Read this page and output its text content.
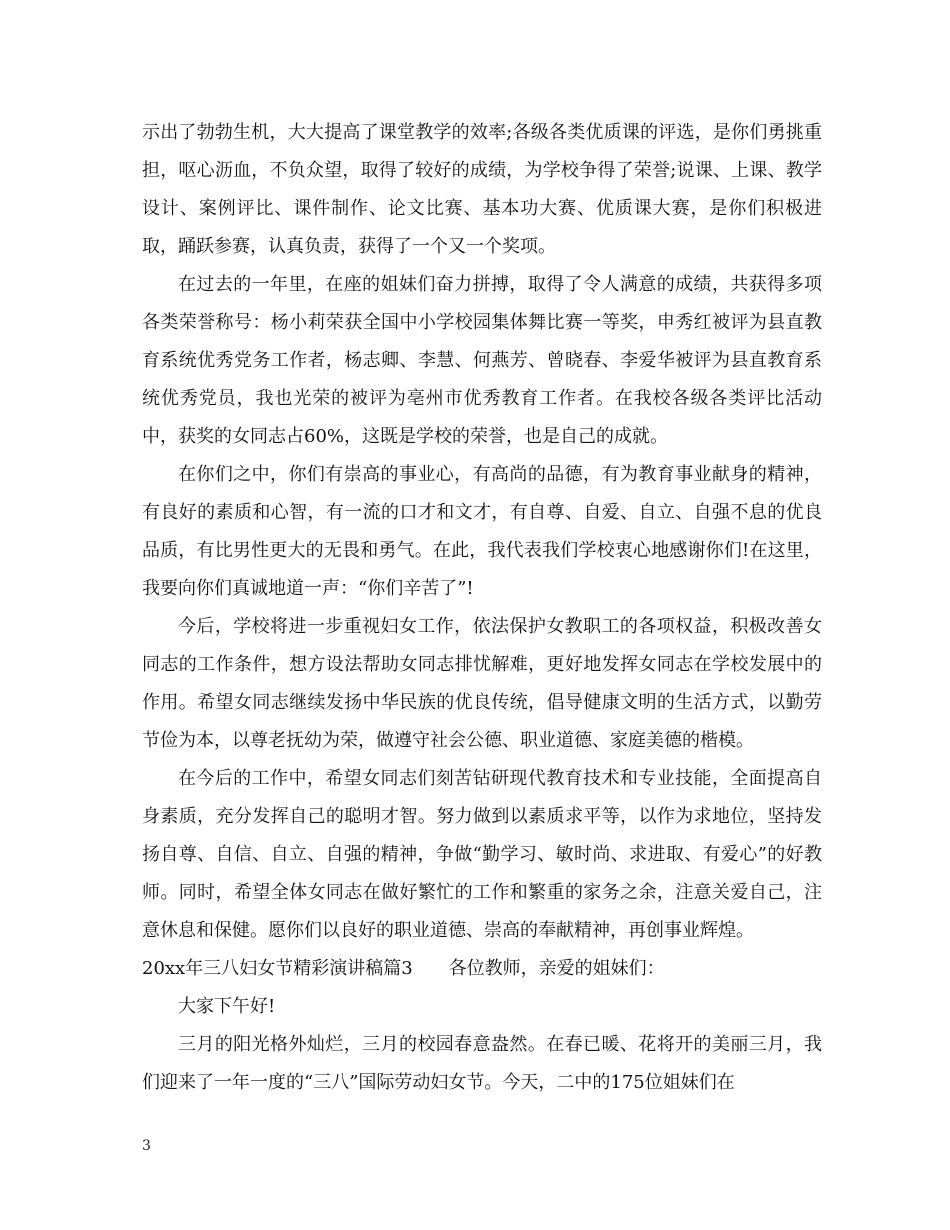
示出了勃勃生机，大大提高了课堂教学的效率;各级各类优质课的评选，是你们勇挑重担，呕心沥血，不负众望，取得了较好的成绩，为学校争得了荣誉;说课、上课、教学设计、案例评比、课件制作、论文比赛、基本功大赛、优质课大赛，是你们积极进取，踊跃参赛，认真负责，获得了一个又一个奖项。

在过去的一年里，在座的姐妹们奋力拼搏，取得了令人满意的成绩，共获得多项各类荣誉称号：杨小莉荣获全国中小学校园集体舞比赛一等奖，申秀红被评为县直教育系统优秀党务工作者，杨志卿、李慧、何燕芳、曾晓春、李爱华被评为县直教育系统优秀党员，我也光荣的被评为亳州市优秀教育工作者。在我校各级各类评比活动中，获奖的女同志占60%，这既是学校的荣誉，也是自己的成就。

在你们之中，你们有崇高的事业心，有高尚的品德，有为教育事业献身的精神，有良好的素质和心智，有一流的口才和文才，有自尊、自爱、自立、自强不息的优良品质，有比男性更大的无畏和勇气。在此，我代表我们学校衷心地感谢你们!在这里，我要向你们真诚地道一声：“你们辛苦了”!

今后，学校将进一步重视妇女工作，依法保护女教职工的各项权益，积极改善女同志的工作条件，想方设法帮助女同志排忧解难，更好地发挥女同志在学校发展中的作用。希望女同志继续发扬中华民族的优良传统，倡导健康文明的生活方式，以勤劳节俭为本，以尊老抚幼为荣，做遵守社会公德、职业道德、家庭美德的楷模。

在今后的工作中，希望女同志们刻苦钻研现代教育技术和专业技能，全面提高自身素质，充分发挥自己的聪明才智。努力做到以素质求平等，以作为求地位，坚持发扬自尊、自信、自立、自强的精神，争做“勤学习、敏时尚、求进取、有爱心”的好教师。同时，希望全体女同志在做好繁忙的工作和繁重的家务之余，注意关爱自己，注意休息和保健。愿你们以良好的职业道德、崇高的奉献精神，再创事业辉煌。

20xx年三八妇女节精彩演讲稿篇3 各位教师，亲爱的姐妹们：

大家下午好!

三月的阳光格外灿烂，三月的校园春意盎然。在春已暖、花将开的美丽三月，我们迎来了一年一度的“三八”国际劳动妇女节。今天，二中的175位姐妹们在

3
